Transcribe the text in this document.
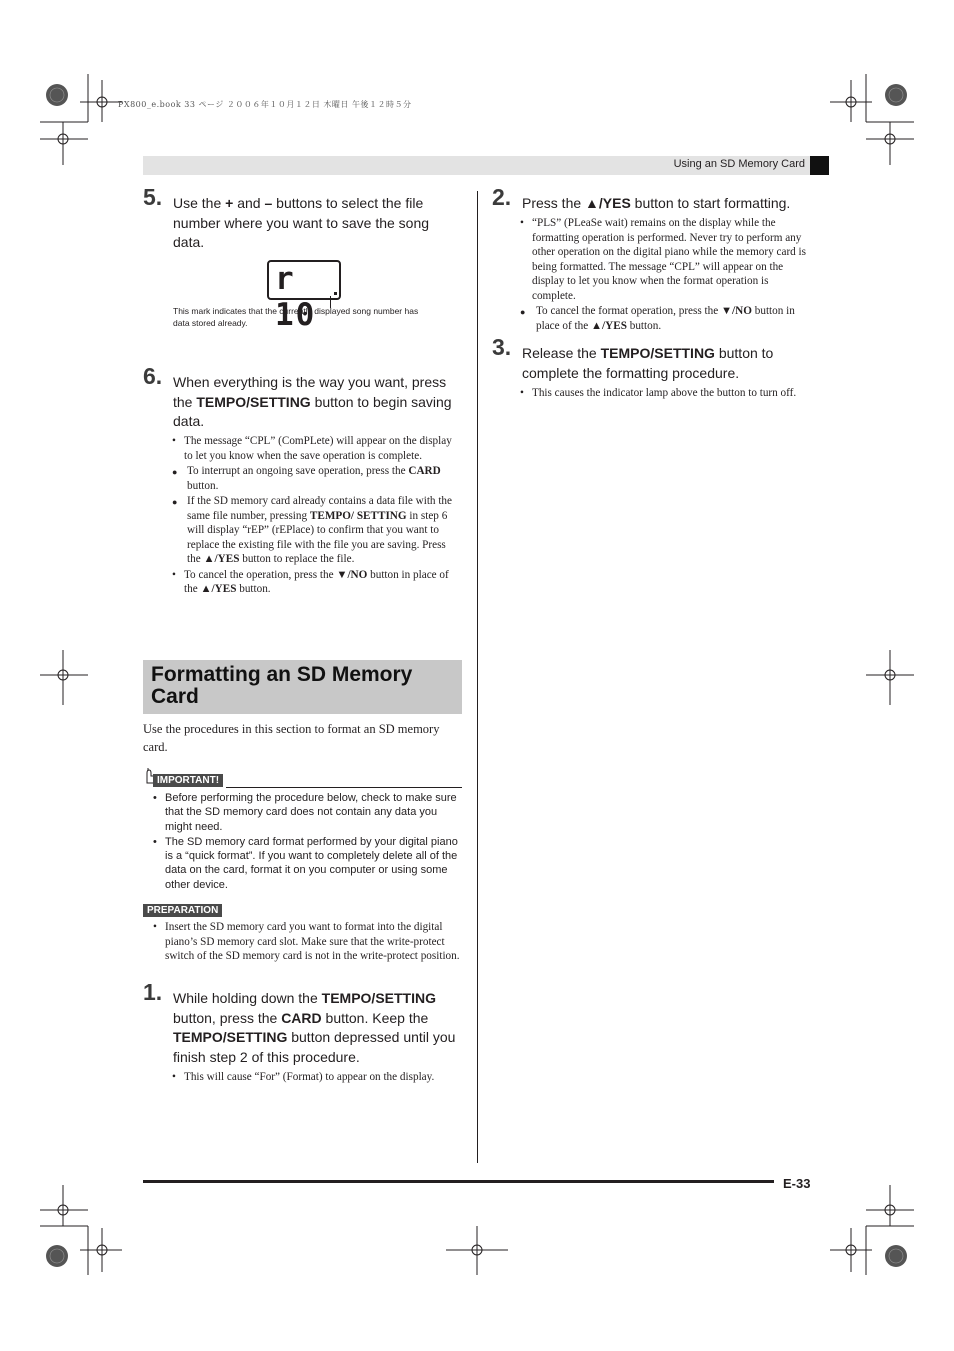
PX800_e.book 33 ページ ２００６年１０月１２日 木曜日 午後１２時５分
Using an SD Memory Card
5. Use the + and – buttons to select the file number where you want to save the song data.
r 10
This mark indicates that the currently displayed song number has data stored already.
6. When everything is the way you want, press the TEMPO/SETTING button to begin saving data.
• The message “CPL” (ComPLete) will appear on the display to let you know when the save operation is complete.
● To interrupt an ongoing save operation, press the CARD button.
● If the SD memory card already contains a data file with the same file number, pressing TEMPO/ SETTING in step 6 will display “rEP” (rEPlace) to confirm that you want to replace the existing file with the file you are saving. Press the ▲/YES button to replace the file.
• To cancel the operation, press the ▼/NO button in place of the ▲/YES button.
Formatting an SD Memory Card
Use the procedures in this section to format an SD memory card.
IMPORTANT!
• Before performing the procedure below, check to make sure that the SD memory card does not contain any data you might need.
• The SD memory card format performed by your digital piano is a “quick format”. If you want to completely delete all of the data on the card, format it on you computer or using some other device.
PREPARATION
• Insert the SD memory card you want to format into the digital piano’s SD memory card slot. Make sure that the write-protect switch of the SD memory card is not in the write-protect position.
1. While holding down the TEMPO/SETTING button, press the CARD button. Keep the TEMPO/SETTING button depressed until you finish step 2 of this procedure.
• This will cause “For” (Format) to appear on the display.
2. Press the ▲/YES button to start formatting.
• “PLS” (PLeaSe wait) remains on the display while the formatting operation is performed. Never try to perform any other operation on the digital piano while the memory card is being formatted. The message “CPL” will appear on the display to let you know when the format operation is complete.
● To cancel the format operation, press the ▼/NO button in place of the ▲/YES button.
3. Release the TEMPO/SETTING button to complete the formatting procedure.
• This causes the indicator lamp above the button to turn off.
E-33
